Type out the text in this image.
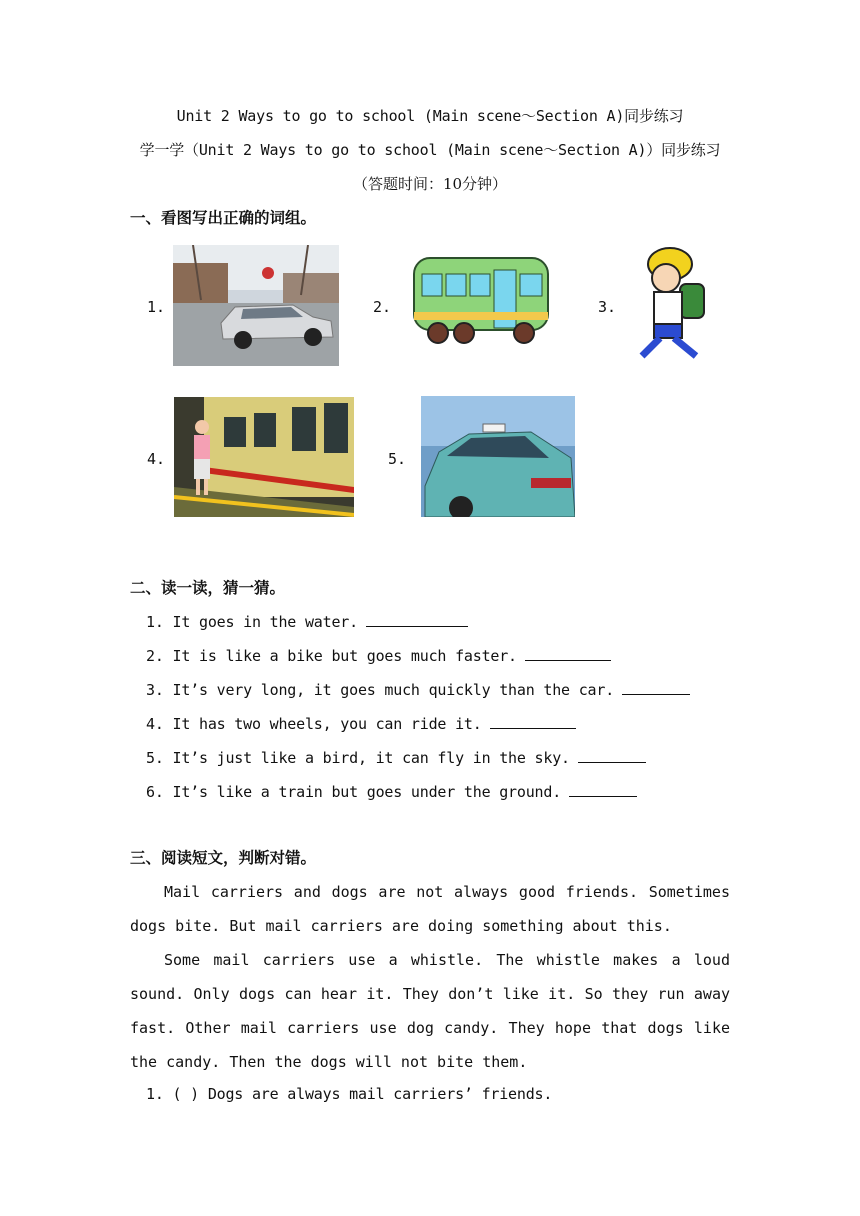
Unit 2 Ways to go to school (Main scene～Section A)同步练习
学一学（Unit 2 Ways to go to school (Main scene～Section A)）同步练习
（答题时间：10分钟）
一、看图写出正确的词组。
1.	2.	3.
4.	5.
二、读一读，猜一猜。
1. It goes in the water.
2. It is like a bike but goes much faster.
3. It’s very long, it goes much quickly than the car.
4. It has two wheels, you can ride it.
5. It’s just like a bird, it can fly in the sky.
6. It’s like a train but goes under the ground.
三、阅读短文，判断对错。
Mail carriers and dogs are not always good friends. Sometimes dogs bite. But mail carriers are doing something about this.
Some mail carriers use a whistle. The whistle makes a loud sound. Only dogs can hear it. They don’t like it. So they run away fast. Other mail carriers use dog candy. They hope that dogs like the candy. Then the dogs will not bite them.
1. ( ) Dogs are always mail carriers’ friends.
